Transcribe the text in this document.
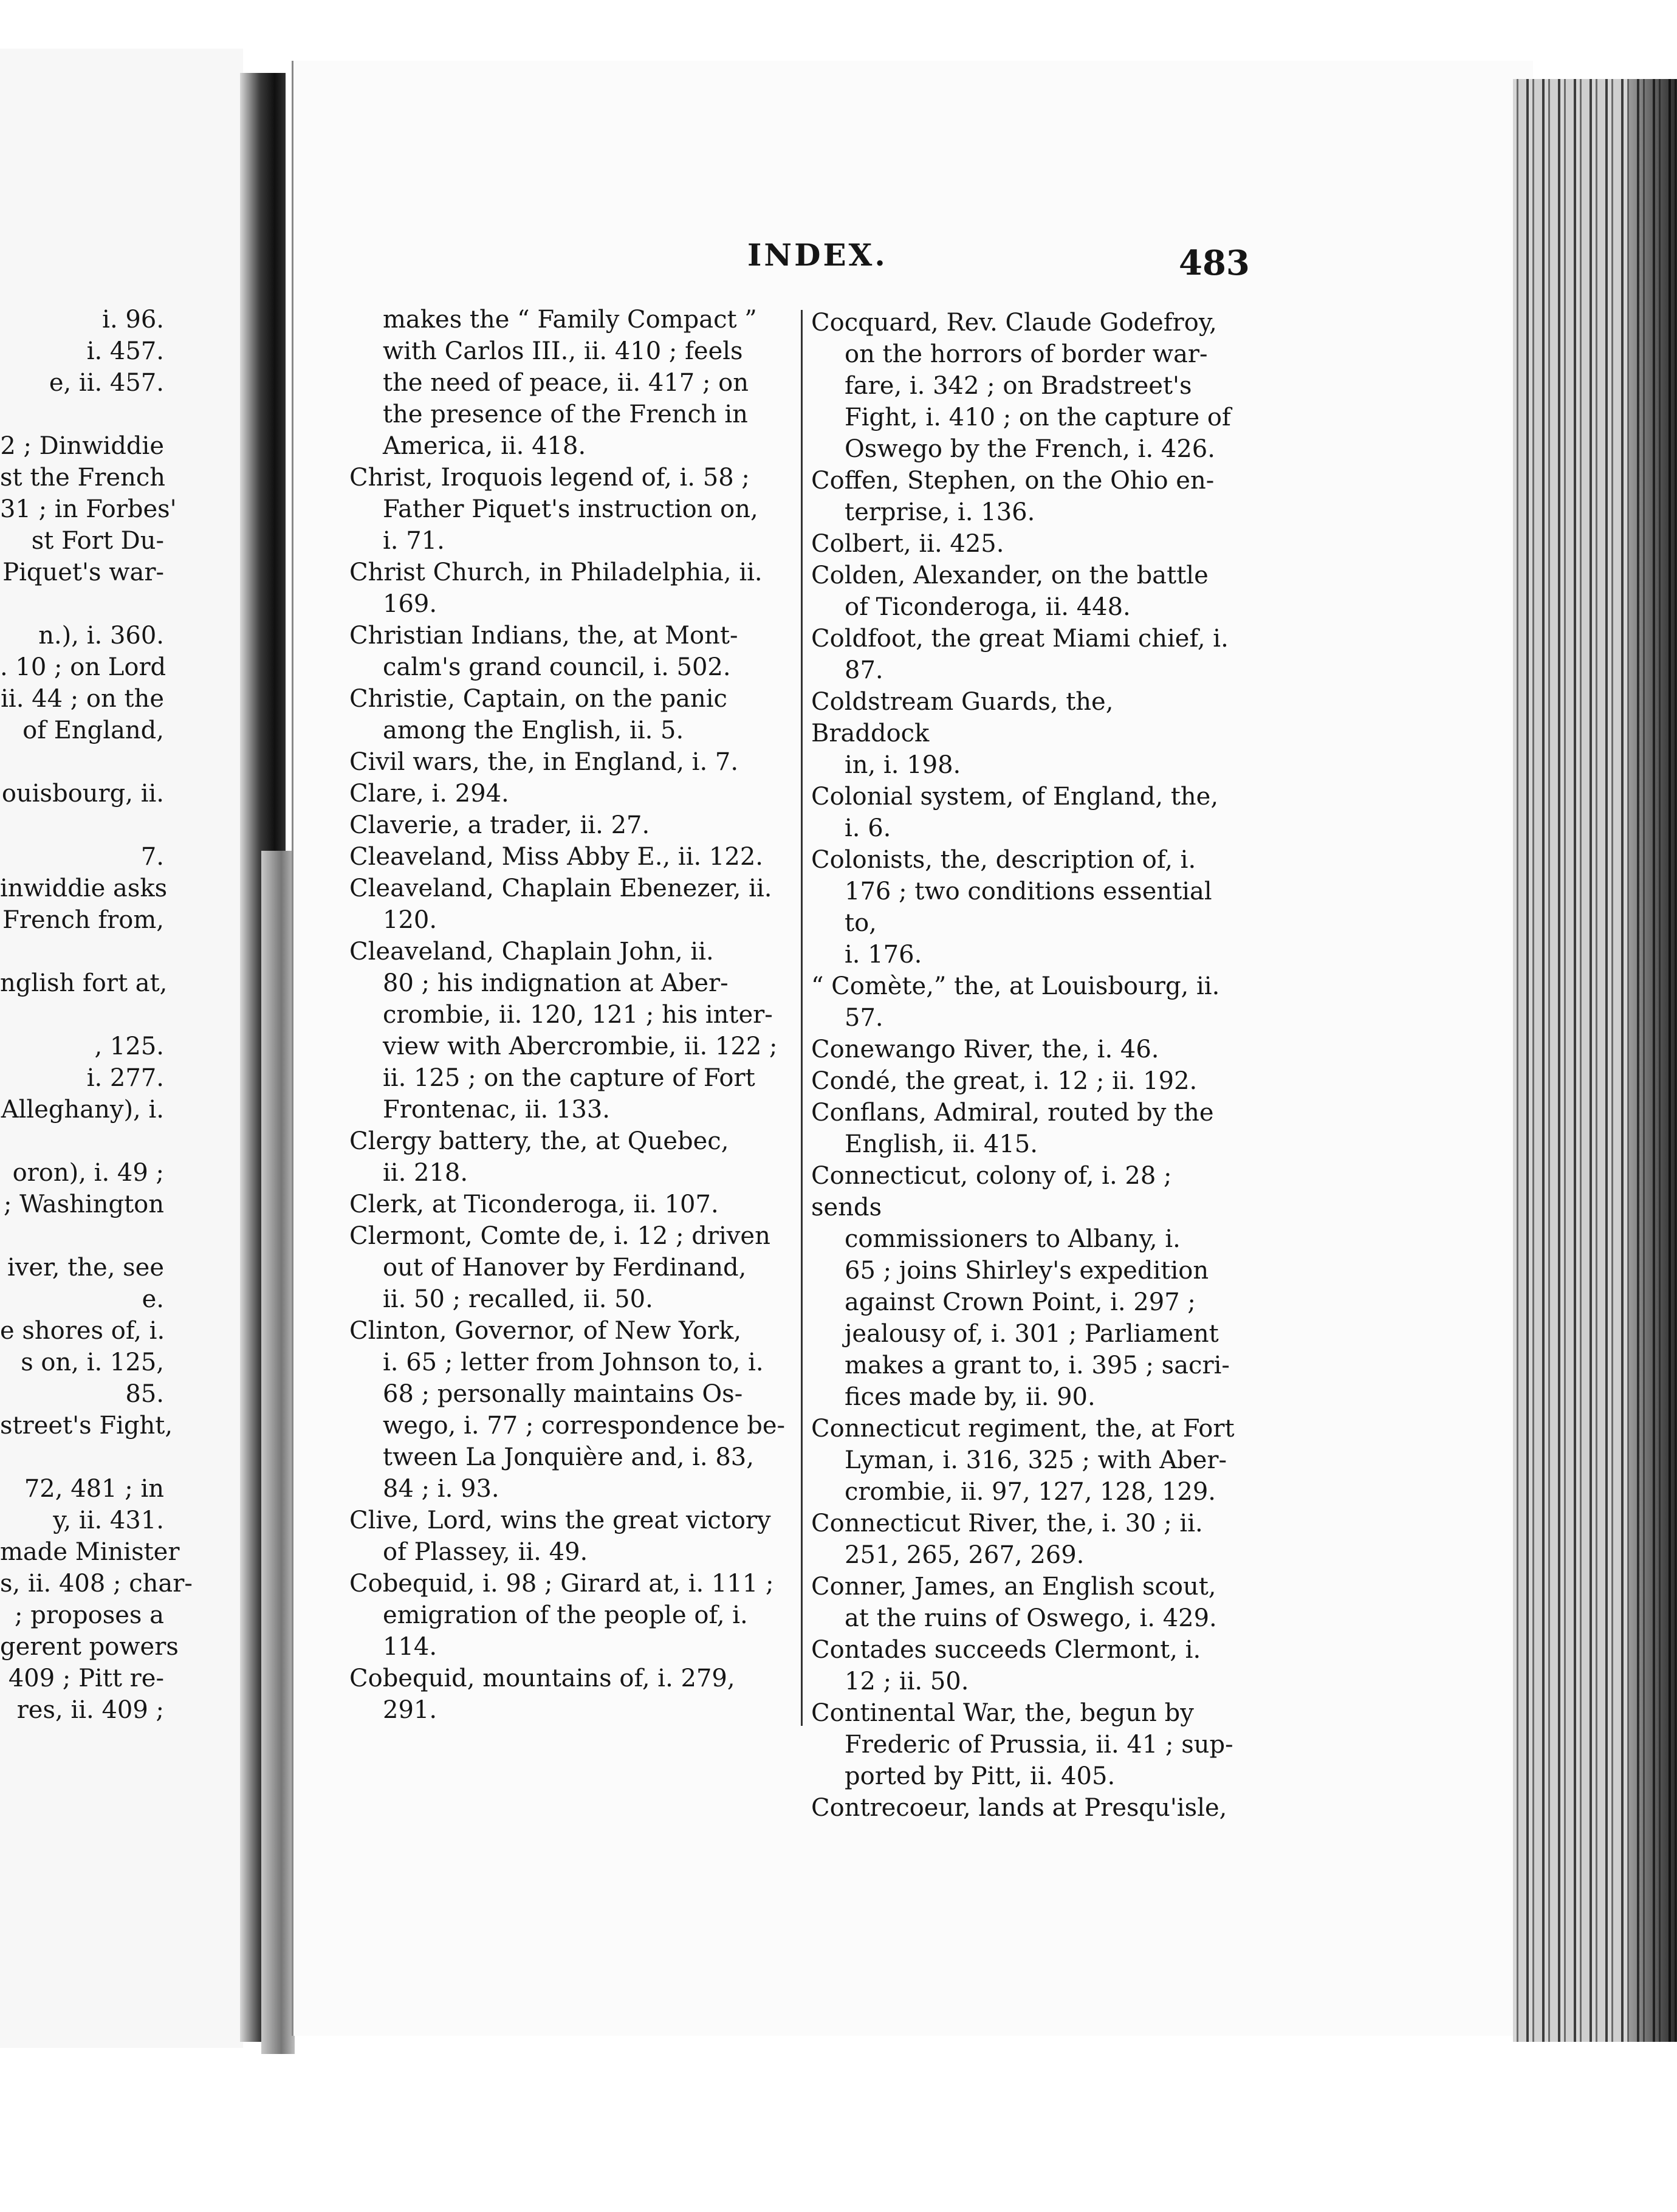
i. 96.
i. 457.
e, ii. 457.

2 ; Dinwiddie
st the French
31 ; in Forbes'
st Fort Du-
Piquet's war-

n.), i. 360.
. 10 ; on Lord
ii. 44 ; on the
of England,

ouisbourg, ii.

7.
inwiddie asks
French from,

nglish fort at,

, 125.
i. 277.
Alleghany), i.

oron), i. 49 ;
; Washington

iver, the, see
e.
e shores of, i.
s on, i. 125,
85.
street's Fight,

72, 481 ; in
y, ii. 431.
made Minister
s, ii. 408 ; char-
; proposes a
gerent powers
409 ; Pitt re-
res, ii. 409 ;
INDEX.	483
makes the “ Family Compact ”
with Carlos III., ii. 410 ; feels
the need of peace, ii. 417 ; on
the presence of the French in
America, ii. 418.
Christ, Iroquois legend of, i. 58 ;
Father Piquet's instruction on,
i. 71.
Christ Church, in Philadelphia, ii.
169.
Christian Indians, the, at Mont-
calm's grand council, i. 502.
Christie, Captain, on the panic
among the English, ii. 5.
Civil wars, the, in England, i. 7.
Clare, i. 294.
Claverie, a trader, ii. 27.
Cleaveland, Miss Abby E., ii. 122.
Cleaveland, Chaplain Ebenezer, ii.
120.
Cleaveland, Chaplain John, ii.
80 ; his indignation at Aber-
crombie, ii. 120, 121 ; his inter-
view with Abercrombie, ii. 122 ;
ii. 125 ; on the capture of Fort
Frontenac, ii. 133.
Clergy battery, the, at Quebec,
ii. 218.
Clerk, at Ticonderoga, ii. 107.
Clermont, Comte de, i. 12 ; driven
out of Hanover by Ferdinand,
ii. 50 ; recalled, ii. 50.
Clinton, Governor, of New York,
i. 65 ; letter from Johnson to, i.
68 ; personally maintains Os-
wego, i. 77 ; correspondence be-
tween La Jonquière and, i. 83,
84 ; i. 93.
Clive, Lord, wins the great victory
of Plassey, ii. 49.
Cobequid, i. 98 ; Girard at, i. 111 ;
emigration of the people of, i.
114.
Cobequid, mountains of, i. 279,
291.
Cocquard, Rev. Claude Godefroy,
on the horrors of border war-
fare, i. 342 ; on Bradstreet's
Fight, i. 410 ; on the capture of
Oswego by the French, i. 426.
Coffen, Stephen, on the Ohio en-
terprise, i. 136.
Colbert, ii. 425.
Colden, Alexander, on the battle
of Ticonderoga, ii. 448.
Coldfoot, the great Miami chief, i.
87.
Coldstream Guards, the, Braddock
in, i. 198.
Colonial system, of England, the,
i. 6.
Colonists, the, description of, i.
176 ; two conditions essential to,
i. 176.
“ Comète,” the, at Louisbourg, ii.
57.
Conewango River, the, i. 46.
Condé, the great, i. 12 ; ii. 192.
Conflans, Admiral, routed by the
English, ii. 415.
Connecticut, colony of, i. 28 ; sends
commissioners to Albany, i.
65 ; joins Shirley's expedition
against Crown Point, i. 297 ;
jealousy of, i. 301 ; Parliament
makes a grant to, i. 395 ; sacri-
fices made by, ii. 90.
Connecticut regiment, the, at Fort
Lyman, i. 316, 325 ; with Aber-
crombie, ii. 97, 127, 128, 129.
Connecticut River, the, i. 30 ; ii.
251, 265, 267, 269.
Conner, James, an English scout,
at the ruins of Oswego, i. 429.
Contades succeeds Clermont, i.
12 ; ii. 50.
Continental War, the, begun by
Frederic of Prussia, ii. 41 ; sup-
ported by Pitt, ii. 405.
Contrecoeur, lands at Presqu'isle,
